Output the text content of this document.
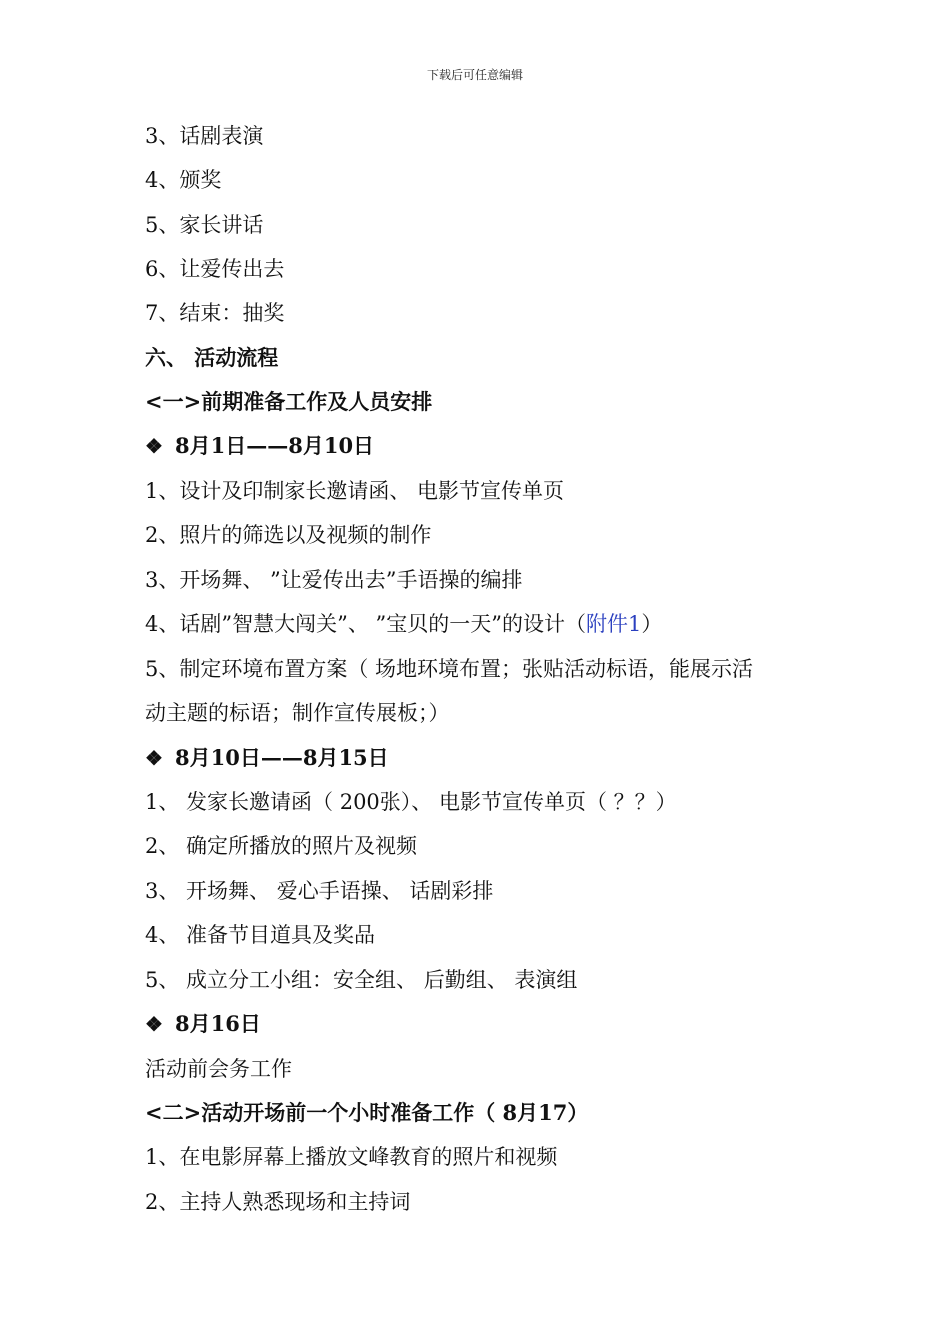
下载后可任意编辑
3、话剧表演
4、颁奖
5、家长讲话
6、让爱传出去
7、结束：抽奖
六、 活动流程
<一>前期准备工作及人员安排
❖ 8月1日——8月10日
1、设计及印制家长邀请函、 电影节宣传单页
2、照片的筛选以及视频的制作
3、开场舞、 ”让爱传出去”手语操的编排
4、话剧”智慧大闯关”、 ”宝贝的一天”的设计（附件1）
5、制定环境布置方案（ 场地环境布置；张贴活动标语，能展示活
动主题的标语；制作宣传展板；）
❖ 8月10日——8月15日
1、 发家长邀请函（ 200张）、 电影节宣传单页（ ？？）
2、 确定所播放的照片及视频
3、 开场舞、 爱心手语操、 话剧彩排
4、 准备节目道具及奖品
5、 成立分工小组：安全组、 后勤组、 表演组
❖ 8月16日
活动前会务工作
<二>活动开场前一个小时准备工作（ 8月17）
1、在电影屏幕上播放文峰教育的照片和视频
2、主持人熟悉现场和主持词
